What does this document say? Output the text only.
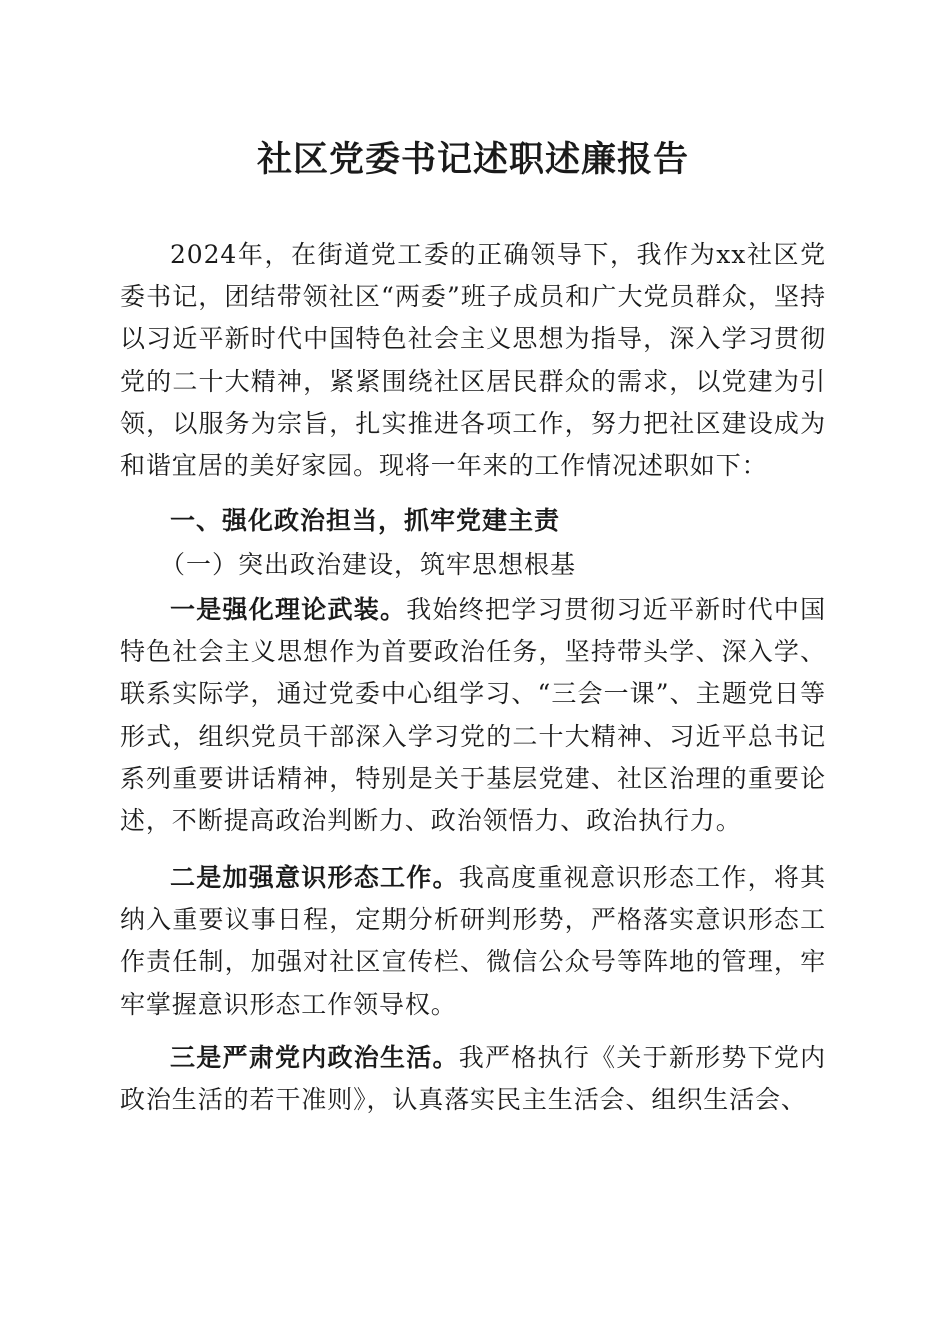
社区党委书记述职述廉报告

2024年，在街道党工委的正确领导下，我作为xx社区党委书记，团结带领社区“两委”班子成员和广大党员群众，坚持以习近平新时代中国特色社会主义思想为指导，深入学习贯彻党的二十大精神，紧紧围绕社区居民群众的需求，以党建为引领，以服务为宗旨，扎实推进各项工作，努力把社区建设成为和谐宜居的美好家园。现将一年来的工作情况述职如下：

一、强化政治担当，抓牢党建主责
（一）突出政治建设，筑牢思想根基

一是强化理论武装。我始终把学习贯彻习近平新时代中国特色社会主义思想作为首要政治任务，坚持带头学、深入学、联系实际学，通过党委中心组学习、“三会一课”、主题党日等形式，组织党员干部深入学习党的二十大精神、习近平总书记系列重要讲话精神，特别是关于基层党建、社区治理的重要论述，不断提高政治判断力、政治领悟力、政治执行力。

二是加强意识形态工作。我高度重视意识形态工作，将其纳入重要议事日程，定期分析研判形势，严格落实意识形态工作责任制，加强对社区宣传栏、微信公众号等阵地的管理，牢牢掌握意识形态工作领导权。

三是严肃党内政治生活。我严格执行《关于新形势下党内政治生活的若干准则》，认真落实民主生活会、组织生活会、
